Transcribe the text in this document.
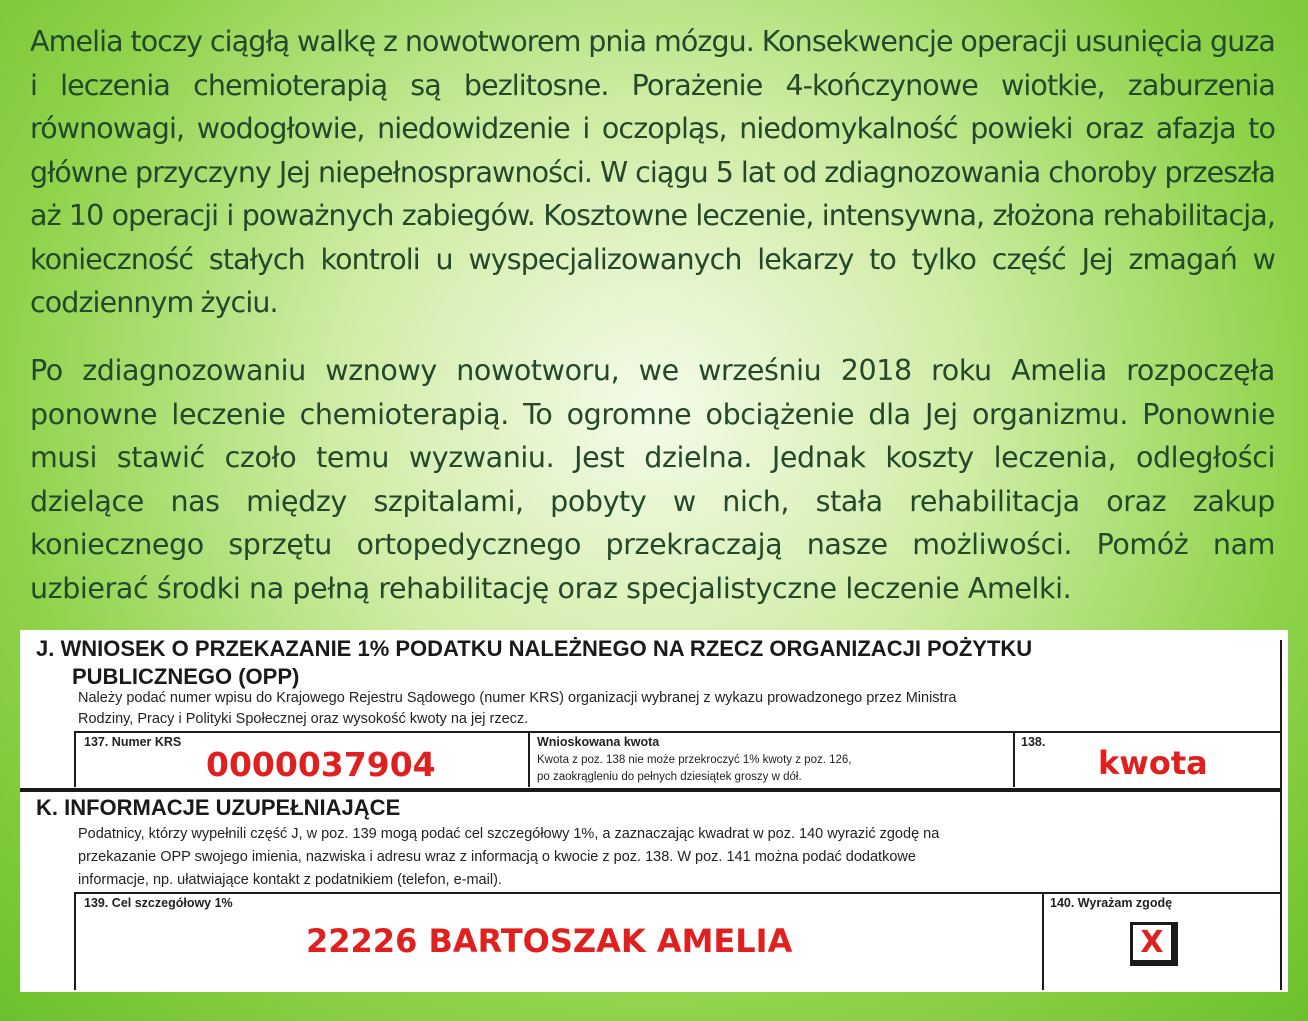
Amelia toczy ciągłą walkę z nowotworem pnia mózgu. Konsekwencje operacji usunięcia guza i leczenia chemioterapią są bezlitosne. Porażenie 4-kończynowe wiotkie, zaburzenia równowagi, wodogłowie, niedowidzenie i oczopląs, niedomykalność powieki oraz afazja to główne przyczyny Jej niepełnosprawności. W ciągu 5 lat od zdiagnozowania choroby przeszła aż 10 operacji i poważnych zabiegów. Kosztowne leczenie, intensywna, złożona rehabilitacja, konieczność stałych kontroli u wyspecjalizowanych lekarzy to tylko część Jej zmagań w codziennym życiu.

Po zdiagnozowaniu wznowy nowotworu, we wrześniu 2018 roku Amelia rozpoczęła ponowne leczenie chemioterapią. To ogromne obciążenie dla Jej organizmu. Ponownie musi stawić czoło temu wyzwaniu. Jest dzielna. Jednak koszty leczenia, odległości dzielące nas między szpitalami, pobyty w nich, stała rehabilitacja oraz zakup koniecznego sprzętu ortopedycznego przekraczają nasze możliwości. Pomóż nam uzbierać środki na pełną rehabilitację oraz specjalistyczne leczenie Amelki.

J. WNIOSEK O PRZEKAZANIE 1% PODATKU NALEŻNEGO NA RZECZ ORGANIZACJI POŻYTKU
PUBLICZNEGO (OPP)
Należy podać numer wpisu do Krajowego Rejestru Sądowego (numer KRS) organizacji wybranej z wykazu prowadzonego przez Ministra
Rodziny, Pracy i Polityki Społecznej oraz wysokość kwoty na jej rzecz.
137. Numer KRS
0000037904
Wnioskowana kwota
Kwota z poz. 138 nie może przekroczyć 1% kwoty z poz. 126,
po zaokrągleniu do pełnych dziesiątek groszy w dół.
138.
kwota
K. INFORMACJE UZUPEŁNIAJĄCE
Podatnicy, którzy wypełnili część J, w poz. 139 mogą podać cel szczegółowy 1%, a zaznaczając kwadrat w poz. 140 wyrazić zgodę na
przekazanie OPP swojego imienia, nazwiska i adresu wraz z informacją o kwocie z poz. 138. W poz. 141 można podać dodatkowe
informacje, np. ułatwiające kontakt z podatnikiem (telefon, e-mail).
139. Cel szczegółowy 1%
22226 BARTOSZAK AMELIA
140. Wyrażam zgodę
X
